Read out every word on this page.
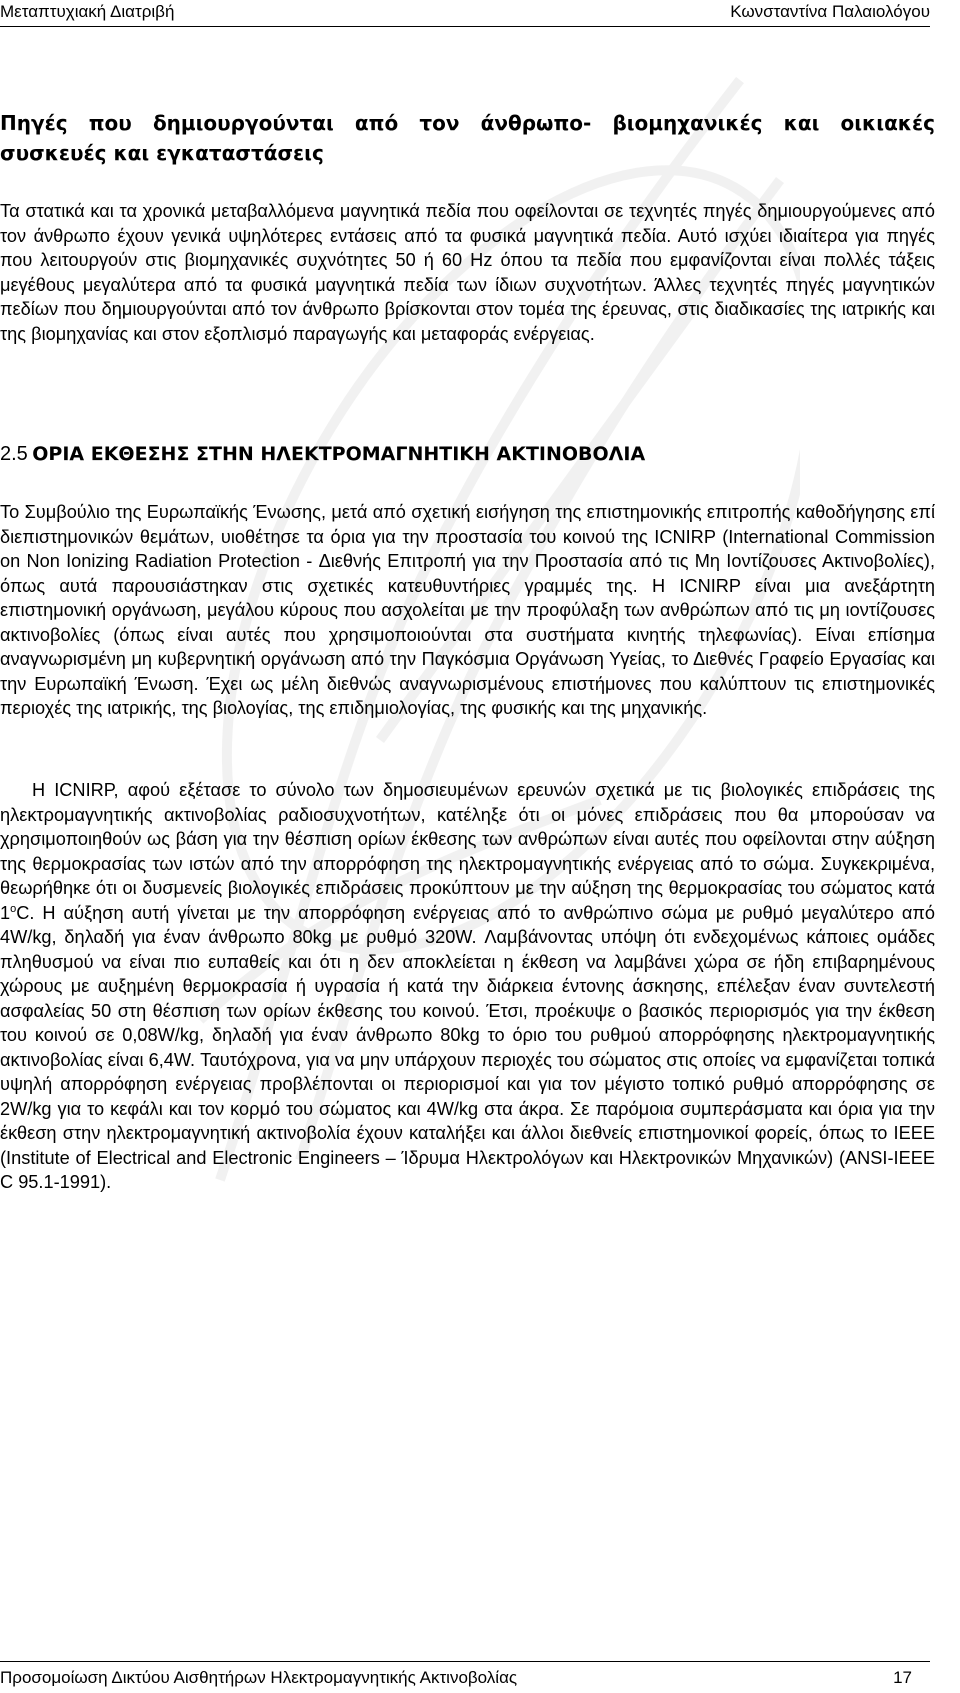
Μεταπτυχιακή Διατριβή	Κωνσταντίνα Παλαιολόγου
Πηγές που δημιουργούνται από τον άνθρωπο- βιομηχανικές και οικιακές συσκευές και εγκαταστάσεις

Τα στατικά και τα χρονικά μεταβαλλόμενα μαγνητικά πεδία που οφείλονται σε τεχνητές πηγές δημιουργούμενες από τον άνθρωπο έχουν γενικά υψηλότερες εντάσεις από τα φυσικά μαγνητικά πεδία. Αυτό ισχύει ιδιαίτερα για πηγές που λειτουργούν στις βιομηχανικές συχνότητες 50 ή 60 Hz όπου τα πεδία που εμφανίζονται είναι πολλές τάξεις μεγέθους μεγαλύτερα από τα φυσικά μαγνητικά πεδία των ίδιων συχνοτήτων. Άλλες τεχνητές πηγές μαγνητικών πεδίων που δημιουργούνται από τον άνθρωπο βρίσκονται στον τομέα της έρευνας, στις διαδικασίες της ιατρικής και της βιομηχανίας και στον εξοπλισμό παραγωγής και μεταφοράς ενέργειας.

2.5 ΟΡΙΑ ΕΚΘΕΣΗΣ ΣΤΗΝ ΗΛΕΚΤΡΟΜΑΓΝΗΤΙΚΗ ΑΚΤΙΝΟΒΟΛΙΑ

Το Συμβούλιο της Ευρωπαϊκής Ένωσης, μετά από σχετική εισήγηση της επιστημονικής επιτροπής καθοδήγησης επί διεπιστημονικών θεμάτων, υιοθέτησε τα όρια για την προστασία του κοινού της ICNIRP (International Commission on Non Ionizing Radiation Protection - Διεθνής Επιτροπή για την Προστασία από τις Μη Ιοντίζουσες Ακτινοβολίες), όπως αυτά παρουσιάστηκαν στις σχετικές κατευθυντήριες γραμμές της. Η ICNIRP είναι μια ανεξάρτητη επιστημονική οργάνωση, μεγάλου κύρους που ασχολείται με την προφύλαξη των ανθρώπων από τις μη ιοντίζουσες ακτινοβολίες (όπως είναι αυτές που χρησιμοποιούνται στα συστήματα κινητής τηλεφωνίας). Είναι επίσημα αναγνωρισμένη μη κυβερνητική οργάνωση από την Παγκόσμια Οργάνωση Υγείας, το Διεθνές Γραφείο Εργασίας και την Ευρωπαϊκή Ένωση. Έχει ως μέλη διεθνώς αναγνωρισμένους επιστήμονες που καλύπτουν τις επιστημονικές περιοχές της ιατρικής, της βιολογίας, της επιδημιολογίας, της φυσικής και της μηχανικής.

Η ICNIRP, αφού εξέτασε το σύνολο των δημοσιευμένων ερευνών σχετικά με τις βιολογικές επιδράσεις της ηλεκτρομαγνητικής ακτινοβολίας ραδιοσυχνοτήτων, κατέληξε ότι οι μόνες επιδράσεις που θα μπορούσαν να χρησιμοποιηθούν ως βάση για την θέσπιση ορίων έκθεσης των ανθρώπων είναι αυτές που οφείλονται στην αύξηση της θερμοκρασίας των ιστών από την απορρόφηση της ηλεκτρομαγνητικής ενέργειας από το σώμα. Συγκεκριμένα, θεωρήθηκε ότι οι δυσμενείς βιολογικές επιδράσεις προκύπτουν με την αύξηση της θερμοκρασίας του σώματος κατά 1$^o$C. Η αύξηση αυτή γίνεται με την απορρόφηση ενέργειας από το ανθρώπινο σώμα με ρυθμό μεγαλύτερο από 4W/kg, δηλαδή για έναν άνθρωπο 80kg με ρυθμό 320W. Λαμβάνοντας υπόψη ότι ενδεχομένως κάποιες ομάδες πληθυσμού να είναι πιο ευπαθείς και ότι η δεν αποκλείεται η έκθεση να λαμβάνει χώρα σε ήδη επιβαρημένους χώρους με αυξημένη θερμοκρασία ή υγρασία ή κατά την διάρκεια έντονης άσκησης, επέλεξαν έναν συντελεστή ασφαλείας 50 στη θέσπιση των ορίων έκθεσης του κοινού. Έτσι, προέκυψε ο βασικός περιορισμός για την έκθεση του κοινού σε 0,08W/kg, δηλαδή για έναν άνθρωπο 80kg το όριο του ρυθμού απορρόφησης ηλεκτρομαγνητικής ακτινοβολίας είναι 6,4W. Ταυτόχρονα, για να μην υπάρχουν περιοχές του σώματος στις οποίες να εμφανίζεται τοπικά υψηλή απορρόφηση ενέργειας προβλέπονται οι περιορισμοί και για τον μέγιστο τοπικό ρυθμό απορρόφησης σε 2W/kg για το κεφάλι και τον κορμό του σώματος και 4W/kg στα άκρα. Σε παρόμοια συμπεράσματα και όρια για την έκθεση στην ηλεκτρομαγνητική ακτινοβολία έχουν καταλήξει και άλλοι διεθνείς επιστημονικοί φορείς, όπως το IEEE (Institute of Electrical and Electronic Engineers – Ίδρυμα Ηλεκτρολόγων και Ηλεκτρονικών Μηχανικών) (ANSI-IEEE C 95.1-1991).

Προσομοίωση Δικτύου Αισθητήρων Ηλεκτρομαγνητικής Ακτινοβολίας	17
